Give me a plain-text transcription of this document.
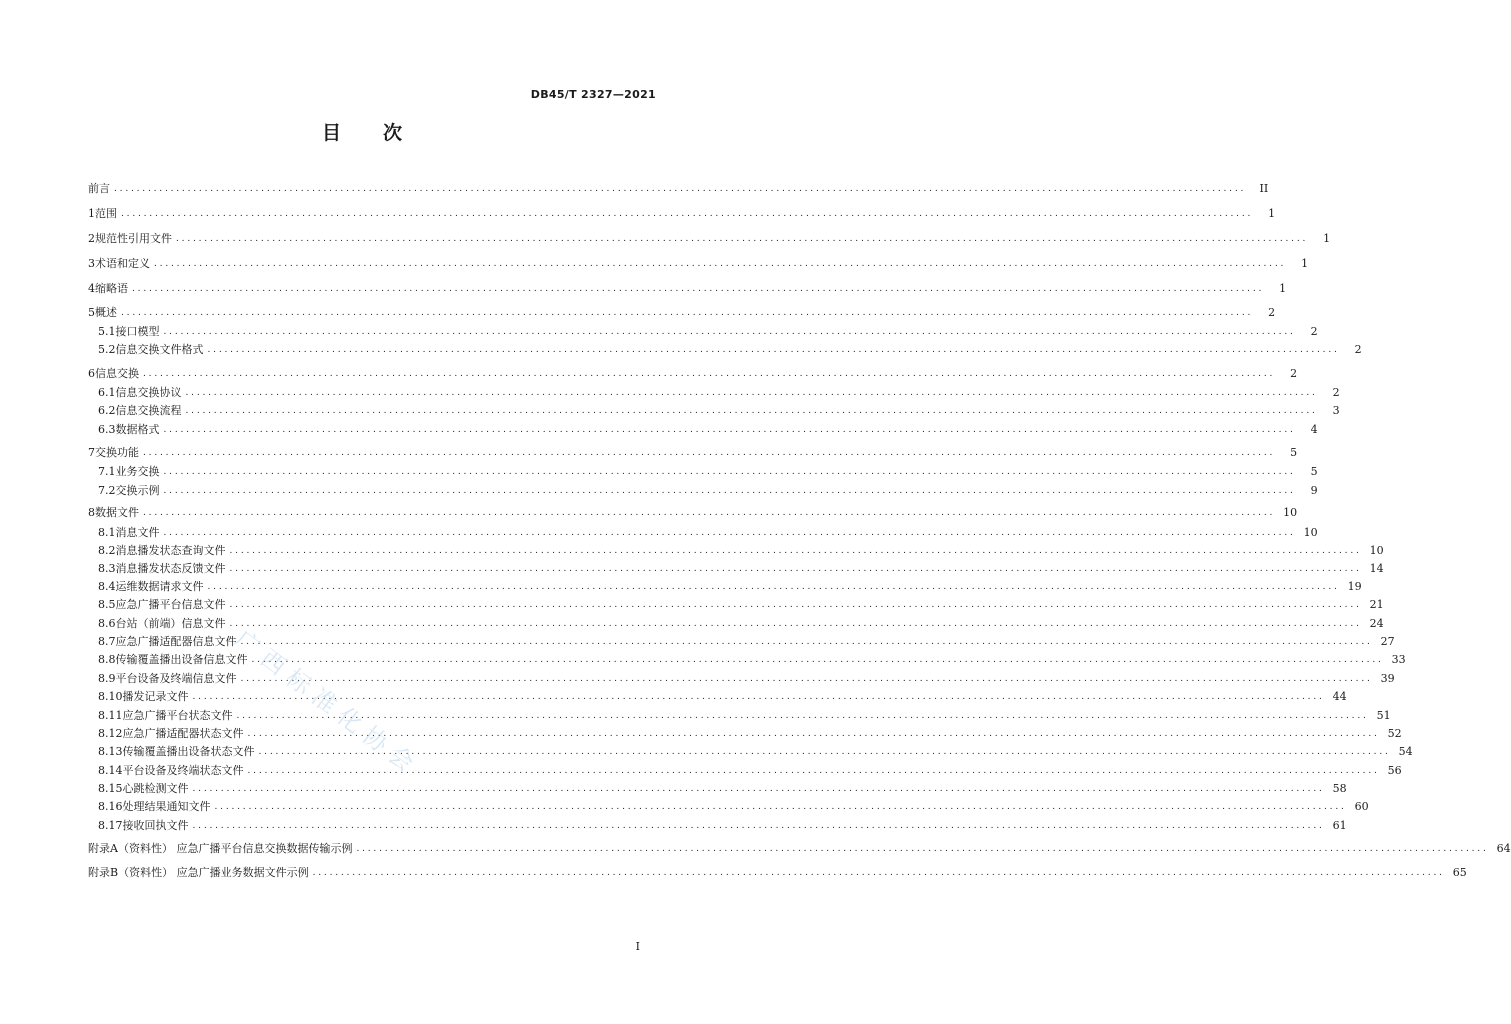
DB45/T 2327—2021
目 次
前言 ........................................................................................................................................................................................................	II
1 范围 ........................................................................................................................................................................................................	1
2 规范性引用文件 ........................................................................................................................................................................................................	1
3 术语和定义 ........................................................................................................................................................................................................	1
4 缩略语 ........................................................................................................................................................................................................	1
5 概述 ........................................................................................................................................................................................................	2
5.1 接口模型 ........................................................................................................................................................................................................	2
5.2 信息交换文件格式 ........................................................................................................................................................................................................	2
6 信息交换 ........................................................................................................................................................................................................	2
6.1 信息交换协议 ........................................................................................................................................................................................................	2
6.2 信息交换流程 ........................................................................................................................................................................................................	3
6.3 数据格式 ........................................................................................................................................................................................................	4
7 交换功能 ........................................................................................................................................................................................................	5
7.1 业务交换 ........................................................................................................................................................................................................	5
7.2 交换示例 ........................................................................................................................................................................................................	9
8 数据文件 ........................................................................................................................................................................................................ 10
8.1 消息文件 ........................................................................................................................................................................................................ 10
8.2 消息播发状态查询文件 ........................................................................................................................................................................................................ 10
8.3 消息播发状态反馈文件 ........................................................................................................................................................................................................ 14
8.4 运维数据请求文件 ........................................................................................................................................................................................................ 19
8.5 应急广播平台信息文件 ........................................................................................................................................................................................................ 21
8.6 台站（前端）信息文件 ........................................................................................................................................................................................................ 24
8.7 应急广播适配器信息文件 ........................................................................................................................................................................................................ 27
8.8 传输覆盖播出设备信息文件 ........................................................................................................................................................................................................ 33
8.9 平台设备及终端信息文件 ........................................................................................................................................................................................................ 39
8.10 播发记录文件 ........................................................................................................................................................................................................ 44
8.11 应急广播平台状态文件 ........................................................................................................................................................................................................ 51
8.12 应急广播适配器状态文件 ........................................................................................................................................................................................................ 52
8.13 传输覆盖播出设备状态文件 ........................................................................................................................................................................................................ 54
8.14 平台设备及终端状态文件 ........................................................................................................................................................................................................ 56
8.15 心跳检测文件 ........................................................................................................................................................................................................ 58
8.16 处理结果通知文件 ........................................................................................................................................................................................................ 60
8.17 接收回执文件 ........................................................................................................................................................................................................ 61
附录A（资料性） 应急广播平台信息交换数据传输示例 ........................................................................................................................................................................................................ 64
附录B（资料性） 应急广播业务数据文件示例 ........................................................................................................................................................................................................ 65
广西标准化协会
I
